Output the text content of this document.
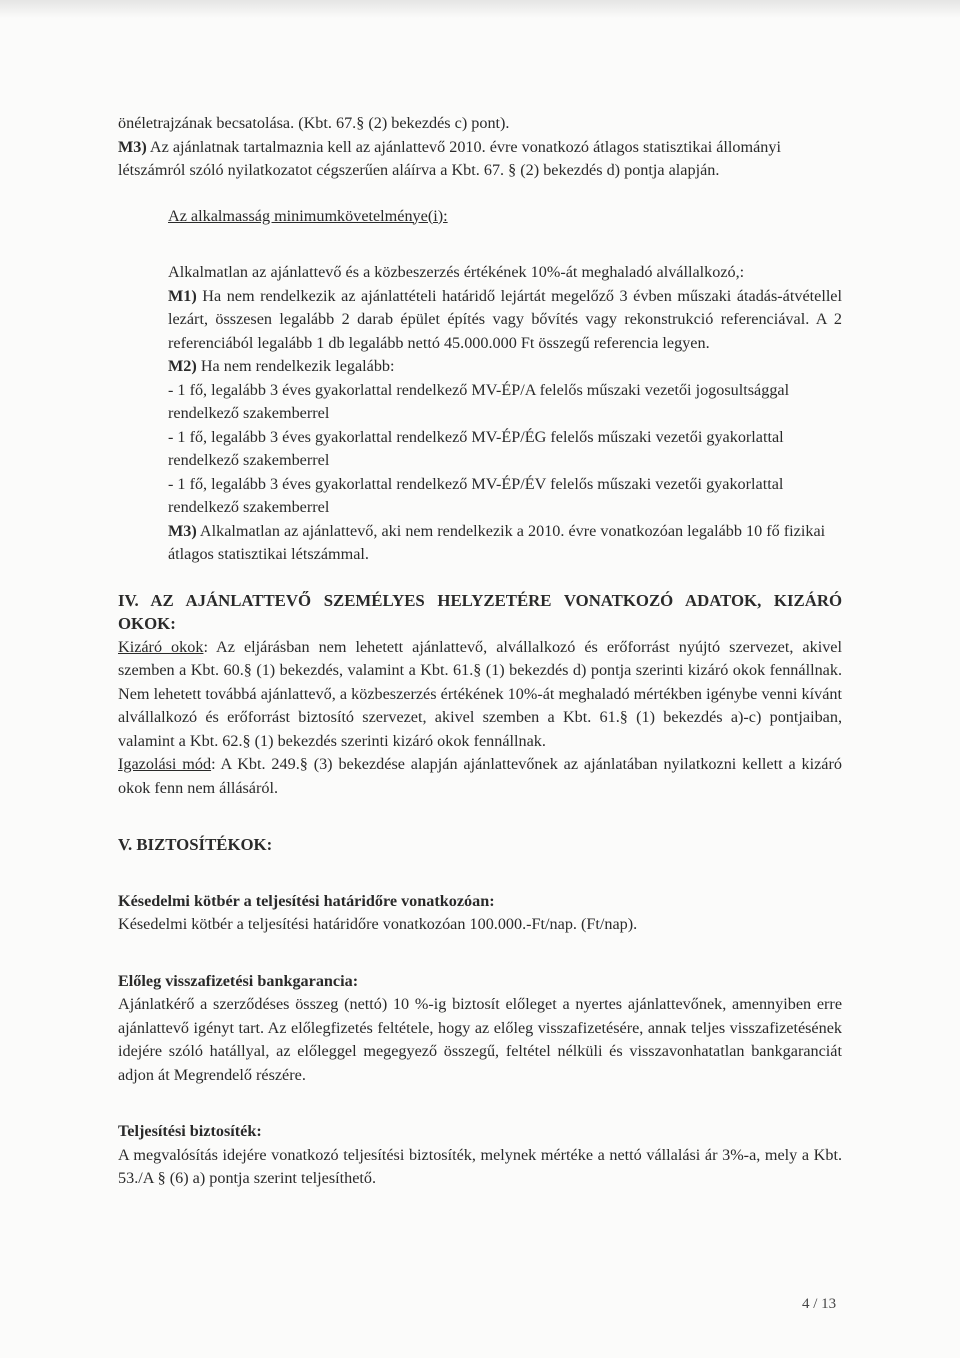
önéletrajzának becsatolása. (Kbt. 67.§ (2) bekezdés c) pont).

M3) Az ajánlatnak tartalmaznia kell az ajánlattevő 2010. évre vonatkozó átlagos statisztikai állományi létszámról szóló nyilatkozatot cégszerűen aláírva a Kbt. 67. § (2) bekezdés d) pontja alapján.

Az alkalmasság minimumkövetelménye(i):

Alkalmatlan az ajánlattevő és a közbeszerzés értékének 10%-át meghaladó alvállalkozó,:

M1) Ha nem rendelkezik az ajánlattételi határidő lejártát megelőző 3 évben műszaki átadás-átvétellel lezárt, összesen legalább 2 darab épület építés vagy bővítés vagy rekonstrukció referenciával. A 2 referenciából legalább 1 db legalább nettó 45.000.000 Ft összegű referencia legyen.

M2) Ha nem rendelkezik legalább:

- 1 fő, legalább 3 éves gyakorlattal rendelkező MV-ÉP/A felelős műszaki vezetői jogosultsággal rendelkező szakemberrel

- 1 fő, legalább 3 éves gyakorlattal rendelkező MV-ÉP/ÉG felelős műszaki vezetői gyakorlattal rendelkező szakemberrel

- 1 fő, legalább 3 éves gyakorlattal rendelkező MV-ÉP/ÉV felelős műszaki vezetői gyakorlattal rendelkező szakemberrel

M3) Alkalmatlan az ajánlattevő, aki nem rendelkezik a 2010. évre vonatkozóan legalább 10 fő fizikai átlagos statisztikai létszámmal.

IV. AZ AJÁNLATTEVŐ SZEMÉLYES HELYZETÉRE VONATKOZÓ ADATOK, KIZÁRÓ OKOK:

Kizáró okok: Az eljárásban nem lehetett ajánlattevő, alvállalkozó és erőforrást nyújtó szervezet, akivel szemben a Kbt. 60.§ (1) bekezdés, valamint a Kbt. 61.§ (1) bekezdés d) pontja szerinti kizáró okok fennállnak. Nem lehetett továbbá ajánlattevő, a közbeszerzés értékének 10%-át meghaladó mértékben igénybe venni kívánt alvállalkozó és erőforrást biztosító szervezet, akivel szemben a Kbt. 61.§ (1) bekezdés a)-c) pontjaiban, valamint a Kbt. 62.§ (1) bekezdés szerinti kizáró okok fennállnak.

Igazolási mód: A Kbt. 249.§ (3) bekezdése alapján ajánlattevőnek az ajánlatában nyilatkozni kellett a kizáró okok fenn nem állásáról.

V. BIZTOSÍTÉKOK:

Késedelmi kötbér a teljesítési határidőre vonatkozóan:

Késedelmi kötbér a teljesítési határidőre vonatkozóan 100.000.-Ft/nap. (Ft/nap).

Előleg visszafizetési bankgarancia:

Ajánlatkérő a szerződéses összeg (nettó) 10 %-ig biztosít előleget a nyertes ajánlattevőnek, amennyiben erre ajánlattevő igényt tart. Az előlegfizetés feltétele, hogy az előleg visszafizetésére, annak teljes visszafizetésének idejére szóló hatállyal, az előleggel megegyező összegű, feltétel nélküli és visszavonhatatlan bankgaranciát adjon át Megrendelő részére.

Teljesítési biztosíték:

A megvalósítás idejére vonatkozó teljesítési biztosíték, melynek mértéke a nettó vállalási ár 3%-a, mely a Kbt. 53./A § (6) a) pontja szerint teljesíthető.

4 / 13
